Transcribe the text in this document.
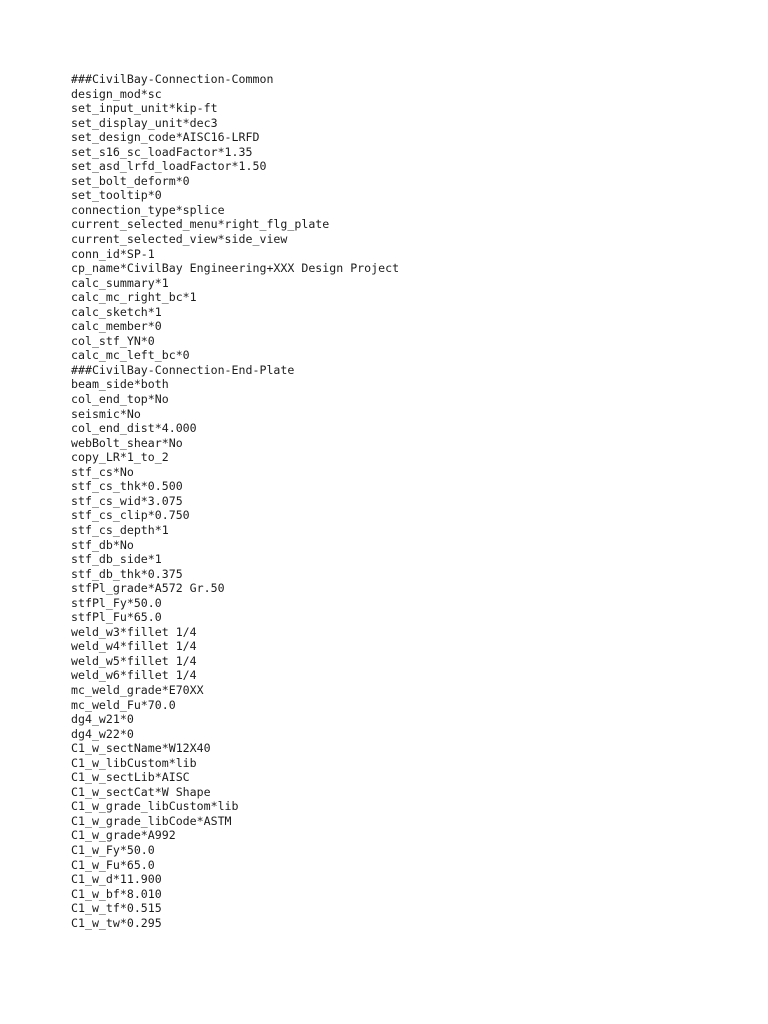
###CivilBay-Connection-Common
design_mod*sc
set_input_unit*kip-ft
set_display_unit*dec3
set_design_code*AISC16-LRFD
set_s16_sc_loadFactor*1.35
set_asd_lrfd_loadFactor*1.50
set_bolt_deform*0
set_tooltip*0
connection_type*splice
current_selected_menu*right_flg_plate
current_selected_view*side_view
conn_id*SP-1
cp_name*CivilBay Engineering+XXX Design Project
calc_summary*1
calc_mc_right_bc*1
calc_sketch*1
calc_member*0
col_stf_YN*0
calc_mc_left_bc*0
###CivilBay-Connection-End-Plate
beam_side*both
col_end_top*No
seismic*No
col_end_dist*4.000
webBolt_shear*No
copy_LR*1_to_2
stf_cs*No
stf_cs_thk*0.500
stf_cs_wid*3.075
stf_cs_clip*0.750
stf_cs_depth*1
stf_db*No
stf_db_side*1
stf_db_thk*0.375
stfPl_grade*A572 Gr.50
stfPl_Fy*50.0
stfPl_Fu*65.0
weld_w3*fillet 1/4
weld_w4*fillet 1/4
weld_w5*fillet 1/4
weld_w6*fillet 1/4
mc_weld_grade*E70XX
mc_weld_Fu*70.0
dg4_w21*0
dg4_w22*0
C1_w_sectName*W12X40
C1_w_libCustom*lib
C1_w_sectLib*AISC
C1_w_sectCat*W Shape
C1_w_grade_libCustom*lib
C1_w_grade_libCode*ASTM
C1_w_grade*A992
C1_w_Fy*50.0
C1_w_Fu*65.0
C1_w_d*11.900
C1_w_bf*8.010
C1_w_tf*0.515
C1_w_tw*0.295
